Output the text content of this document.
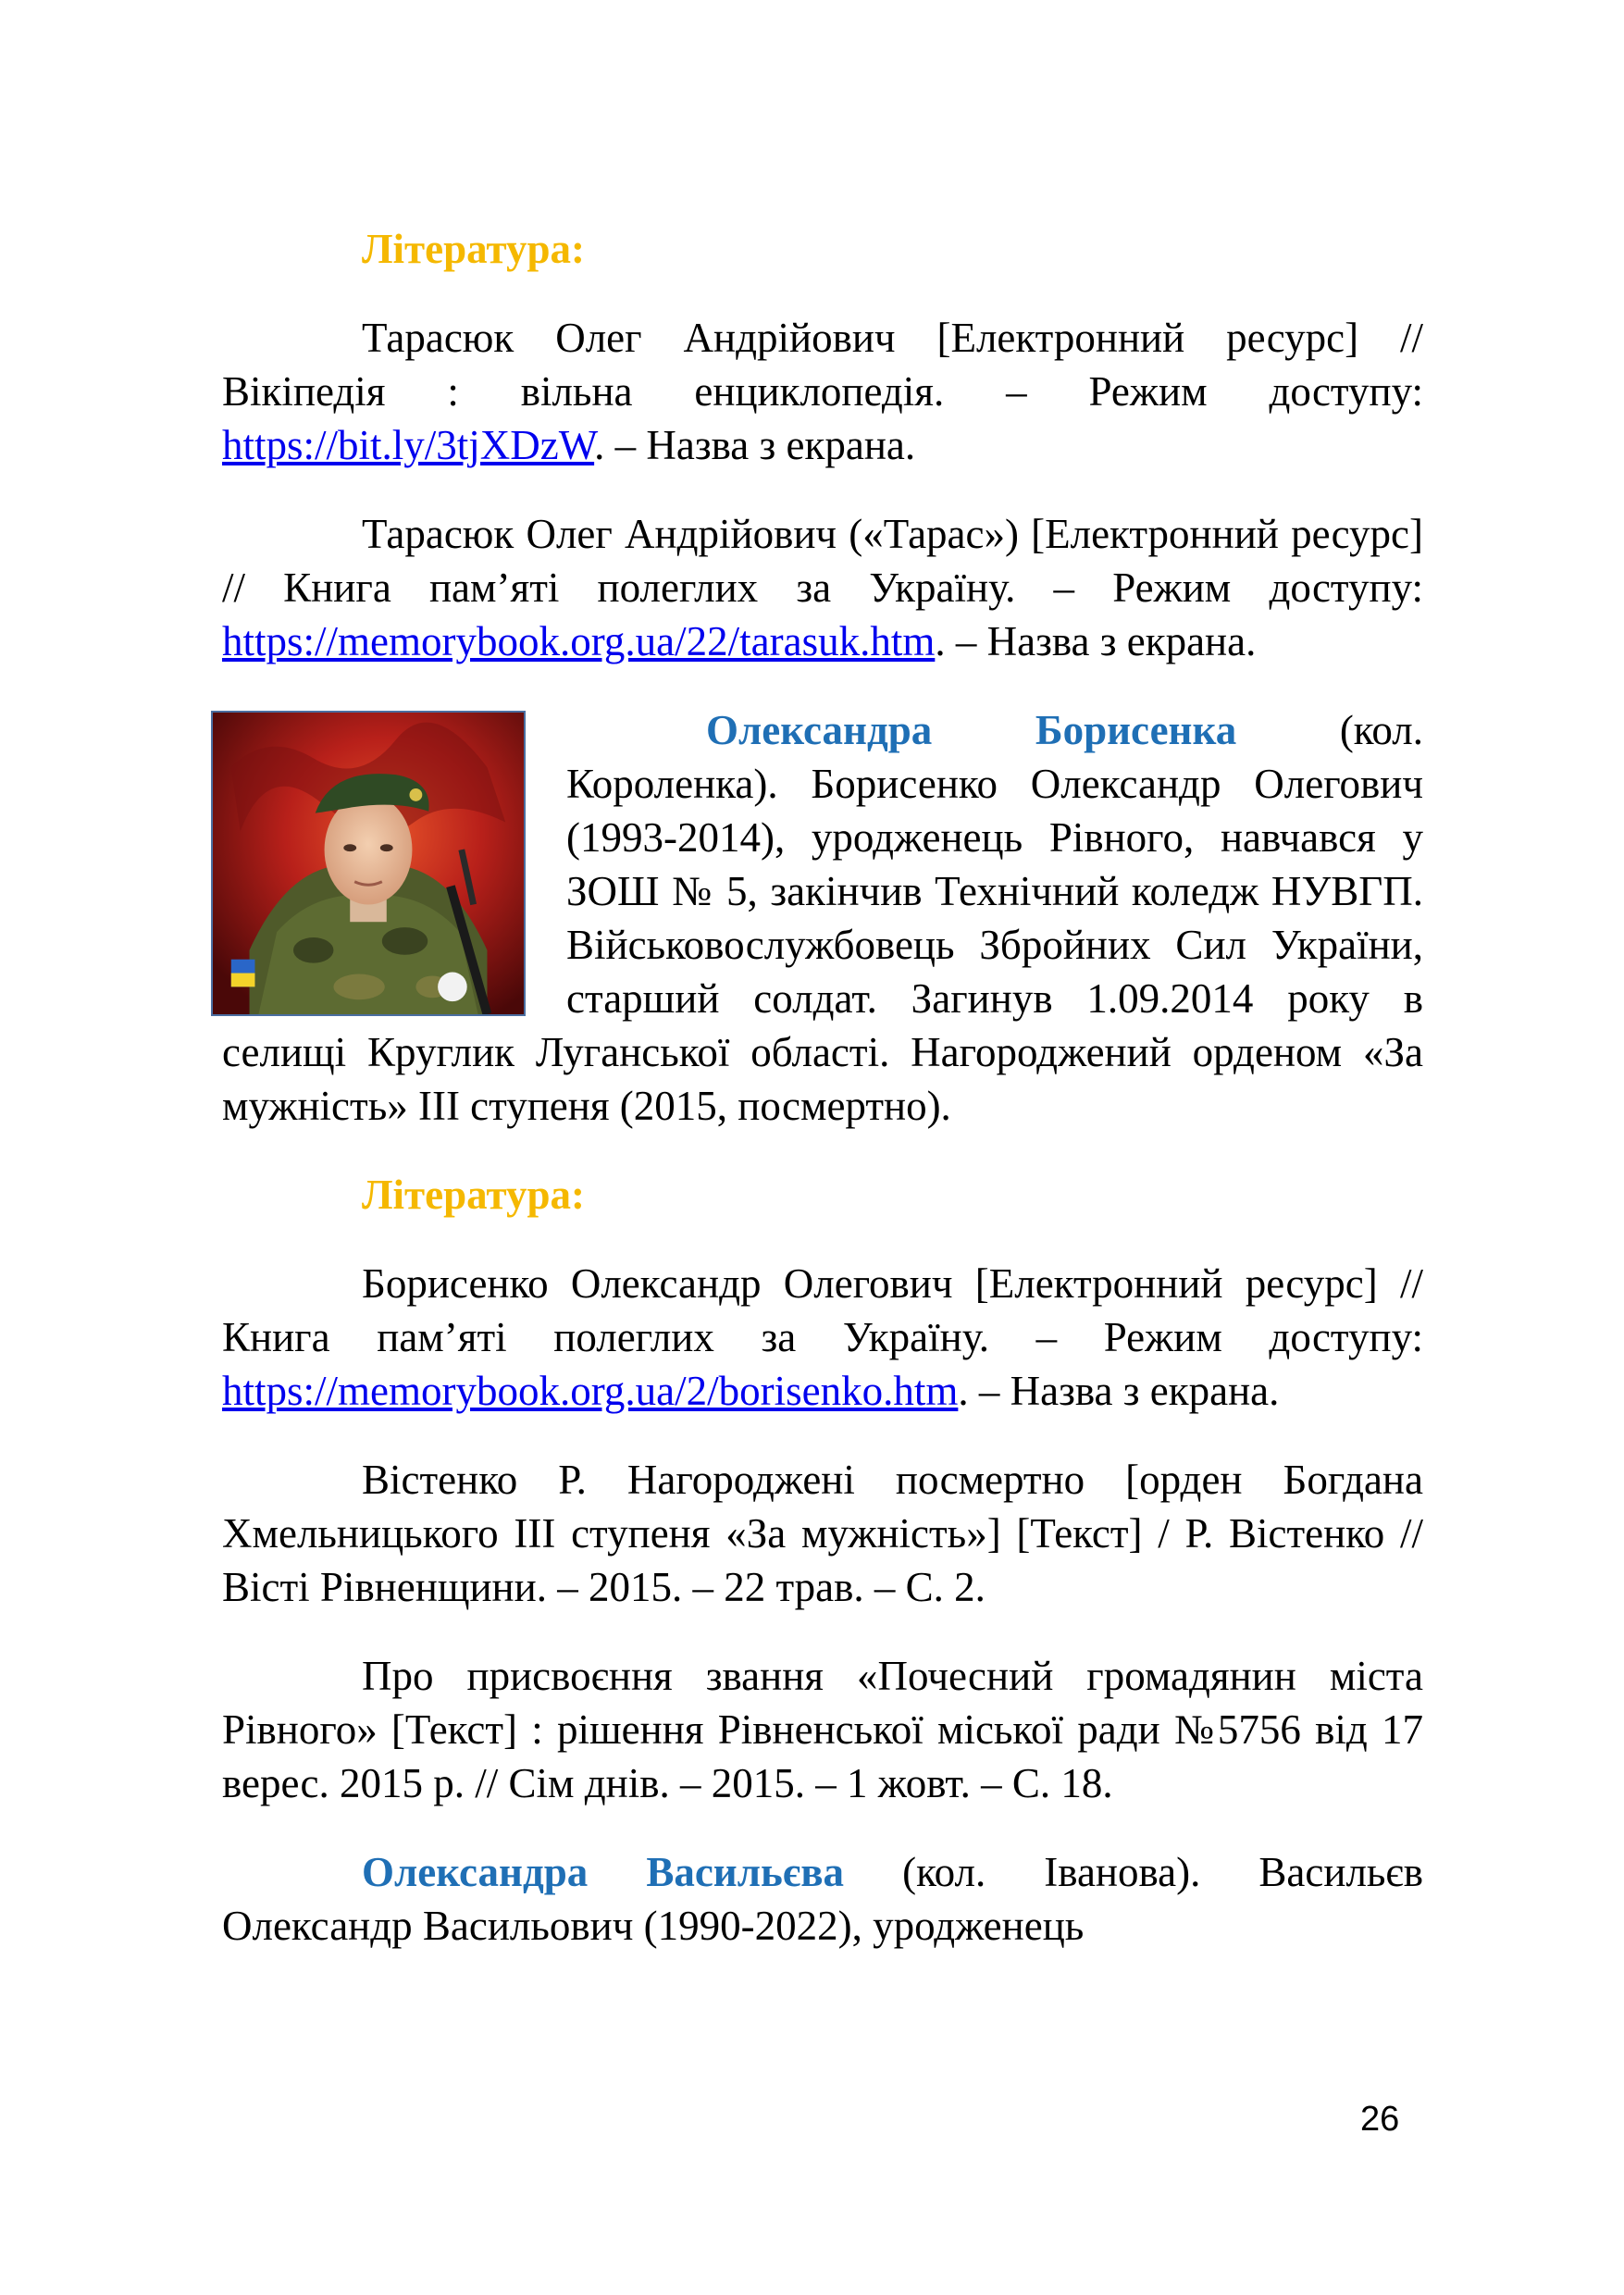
Література:

Тарасюк Олег Андрійович [Електронний ресурс] // Вікіпедія : вільна енциклопедія. – Режим доступу: https://bit.ly/3tjXDzW. – Назва з екрана.

Тарасюк Олег Андрійович («Тарас») [Електронний ресурс] // Книга пам’яті полеглих за Україну. – Режим доступу: https://memorybook.org.ua/22/tarasuk.htm. – Назва з екрана.

Олександра Борисенка
(кол. Короленка). Борисенко Олександр Олегович (1993-2014), уродженець Рівного, навчався у ЗОШ № 5, закінчив Технічний коледж НУВГП. Військовослужбовець Збройних Сил України, старший солдат. Загинув 1.09.2014 року в селищі Круглик Луганської області. Нагороджений орденом «За мужність» ІІІ ступеня (2015, посмертно).

Література:

Борисенко Олександр Олегович [Електронний ресурс] // Книга пам’яті полеглих за Україну. – Режим доступу: https://memorybook.org.ua/2/borisenko.htm. – Назва з екрана.

Вістенко Р. Нагороджені посмертно [орден Богдана Хмельницького ІІІ ступеня «За мужність»] [Текст] / Р. Вістенко // Вісті Рівненщини. – 2015. – 22 трав. – С. 2.

Про присвоєння звання «Почесний громадянин міста Рівного» [Текст] : рішення Рівненської міської ради №5756 від 17 верес. 2015 р. // Сім днів. – 2015. – 1 жовт. – С. 18.

Олександра Васильєва (кол. Іванова). Васильєв Олександр Васильович (1990-2022), уродженець

26
